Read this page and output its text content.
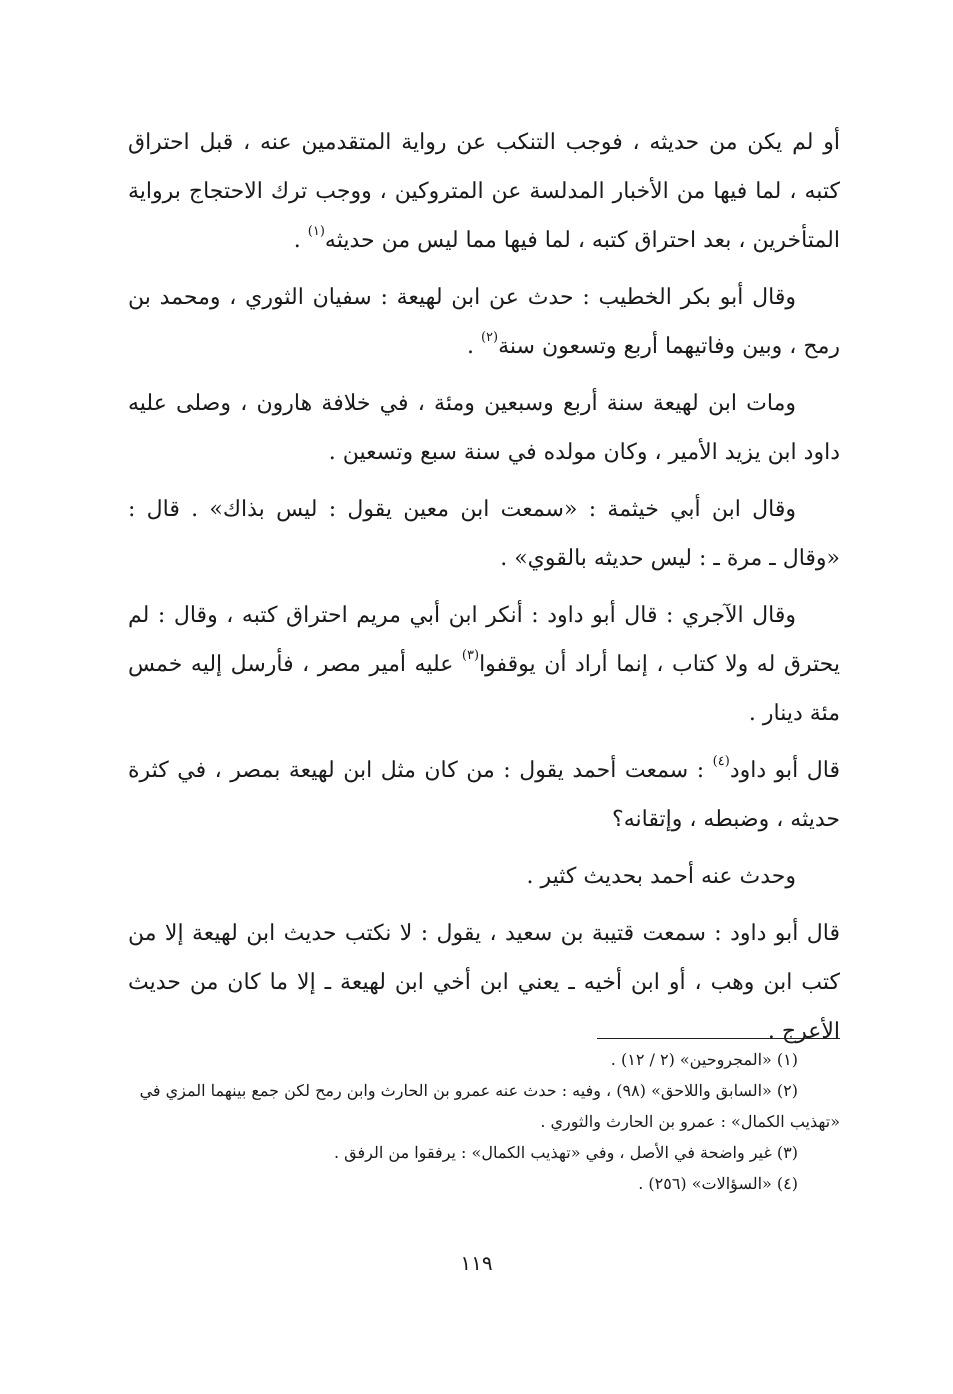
أو لم يكن من حديثه ، فوجب التنكب عن رواية المتقدمين عنه ، قبل احتراق كتبه ، لما فيها من الأخبار المدلسة عن المتروكين ، ووجب ترك الاحتجاج برواية المتأخرين ، بعد احتراق كتبه ، لما فيها مما ليس من حديثه$^{(١)}$ .

وقال أبو بكر الخطيب : حدث عن ابن لهيعة : سفيان الثوري ، ومحمد بن رمح ، وبين وفاتيهما أربع وتسعون سنة$^{(٢)}$ .

ومات ابن لهيعة سنة أربع وسبعين ومئة ، في خلافة هارون ، وصلى عليه داود ابن يزيد الأمير ، وكان مولده في سنة سبع وتسعين .

وقال ابن أبي خيثمة : «سمعت ابن معين يقول : ليس بذاك» . قال : «وقال ـ مرة ـ : ليس حديثه بالقوي» .

وقال الآجري : قال أبو داود : أنكر ابن أبي مريم احتراق كتبه ، وقال : لم يحترق له ولا كتاب ، إنما أراد أن يوقفوا$^{(٣)}$ عليه أمير مصر ، فأرسل إليه خمس مئة دينار .

قال أبو داود$^{(٤)}$ : سمعت أحمد يقول : من كان مثل ابن لهيعة بمصر ، في كثرة حديثه ، وضبطه ، وإتقانه؟

وحدث عنه أحمد بحديث كثير .

قال أبو داود : سمعت قتيبة بن سعيد ، يقول : لا نكتب حديث ابن لهيعة إلا من كتب ابن وهب ، أو ابن أخيه ـ يعني ابن أخي ابن لهيعة ـ إلا ما كان من حديث الأعرج .

(١) «المجروحين» (٢ / ١٢) .

(٢) «السابق واللاحق» (٩٨) ، وفيه : حدث عنه عمرو بن الحارث وابن رمح لكن جمع بينهما المزي في «تهذيب الكمال» : عمرو بن الحارث والثوري .

(٣) غير واضحة في الأصل ، وفي «تهذيب الكمال» : يرفقوا من الرفق .

(٤) «السؤالات» (٢٥٦) .

١١٩
